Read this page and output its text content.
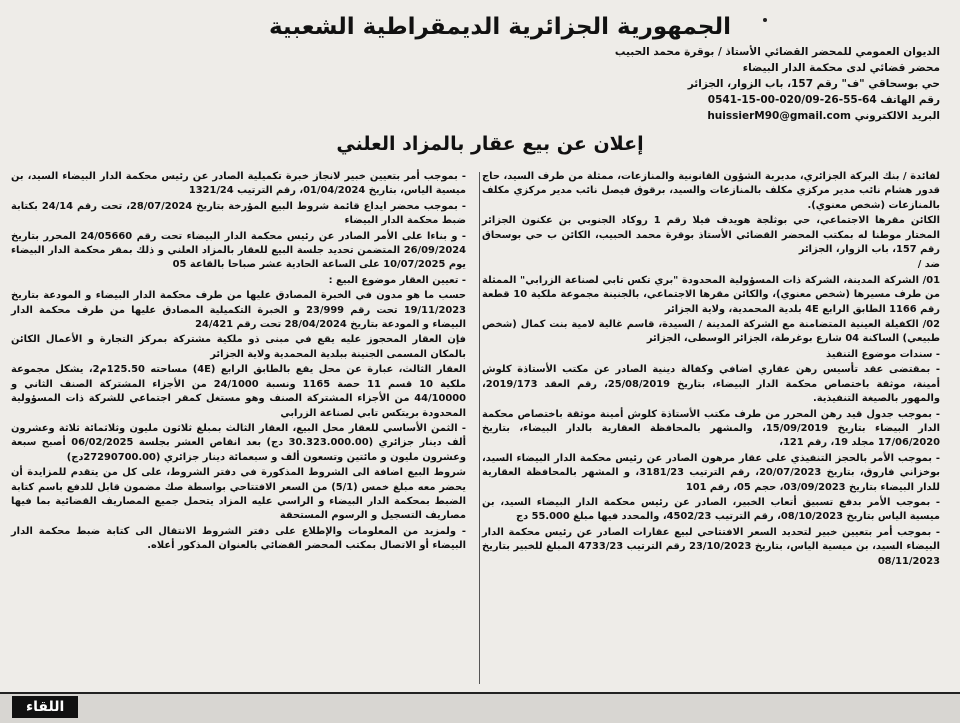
الجمهورية الجزائرية الديمقراطية الشعبية
الديوان العمومي للمحضر القضائي الأستاذ / بوقرة محمد الحبيب
محضر قضائي لدى محكمة الدار البيضاء
حي بوسحاقي "ف" رقم 157، باب الزوار، الجزائر
رقم الهاتف 64-55-26-020/09-00-15-0541
البريد الالكتروني huissierM90@gmail.com
إعلان عن بيع عقار بالمزاد العلني

لفائدة / بنك البركة الجزائري، مديرية الشؤون القانونية والمنازعات، ممثلة من طرف السيد، حاج قدور هشام نائب مدير مركزي مكلف بالمنازعات والسيد، برقوق فيصل نائب مدير مركزي مكلف بالمنازعات (شخص معنوي).

الكائن مقرها الاجتماعي، حي بوثلجة هويدف فيلا رقم 1 روكاد الجنوبي بن عكنون الجزائر المختار موطنا له بمكتب المحضر القضائي الأستاذ بوقرة محمد الحبيب، الكائن ب حي بوسحاق رقم 157، باب الزوار، الجزائر

ضد /

01/ الشركة المدينة، الشركة ذات المسؤولية المحدودة "بري تكس تابي لصناعة الزرابي" الممثلة من طرف مسيرها (شخص معنوي)، والكائن مقرها الاجتماعي، بالجنينة مجموعة ملكية 10 قطعة رقم 1166 الطابق الرابع 4E بلدية المحمدية، ولاية الجزائر

02/ الكفيلة العينية المتضامنة مع الشركة المدينة / السيدة، قاسم غالية لامية بنت كمال (شخص طبيعي) الساكنة 04 شارع بوغرطة، الجزائر الوسطى، الجزائر

- سندات موضوع التنفيذ

- بمقتضى عقد تأسيس رهن عقاري اضافي وكفالة دينية الصادر عن مكتب الأستاذة كلوش أمينة، موثقة باختصاص محكمة الدار البيضاء، بتاريخ 25/08/2019، رقم العقد 2019/173، والمهور بالصيغة التنفيذية.

- بموجب جدول قيد رهن المحرر من طرف مكتب الأستاذة كلوش أمينة موثقة باختصاص محكمة الدار البيضاء بتاريخ 15/09/2019، والمشهر بالمحافظة العقارية بالدار البيضاء، بتاريخ 17/06/2020 مجلد 19، رقم 121،

- بموجب الأمر بالحجز التنفيذي على عقار مرهون الصادر عن رئيس محكمة الدار البيضاء السيد، بوخزاني فاروق، بتاريخ 20/07/2023، رقم الترتيب 3181/23، و المشهر بالمحافظة العقارية للدار البيضاء بتاريخ 03/09/2023، حجم 05، رقم 101

- بموجب الأمر بدفع تسبيق أتعاب الخبير، الصادر عن رئيس محكمة الدار البيضاء السيد، بن ميسية الياس بتاريخ 08/10/2023، رقم الترتيب 4502/23، والمحدد فيها مبلغ 55.000 دج

- بموجب أمر بتعيين خبير لتحديد السعر الافتتاحي لبيع عقارات الصادر عن رئيس محكمة الدار البيضاء السيد، بن ميسية الياس، بتاريخ 23/10/2023 رقم الترتيب 4733/23 المبلغ للخبير بتاريخ 08/11/2023

- بموجب أمر بتعيين خبير لانجاز خبرة تكميلية الصادر عن رئيس محكمة الدار البيضاء السيد، بن ميسية الياس، بتاريخ 01/04/2024، رقم الترتيب 1321/24

- بموجب محضر ايداع قائمة شروط البيع المؤرخة بتاريخ 28/07/2024، تحت رقم 24/14 بكتابة ضبط محكمة الدار البيضاء

- و بناءا على الأمر الصادر عن رئيس محكمة الدار البيضاء تحت رقم 24/05660 المحرر بتاريخ 26/09/2024 المتضمن تحديد جلسة البيع للعقار بالمزاد العلني و ذلك بمقر محكمة الدار البيضاء يوم 10/07/2025 على الساعة الحادية عشر صباحا بالقاعة 05

- تعيين العقار موضوع البيع :

حسب ما هو مدون في الخبرة المصادق عليها من طرف محكمة الدار البيضاء و المودعة بتاريخ 19/11/2023 تحت رقم 23/999 و الخبرة التكميلية المصادق عليها من طرف محكمة الدار البيضاء و المودعة بتاريخ 28/04/2024 تحت رقم 24/421

فإن العقار المحجوز عليه يقع في مبنى ذو ملكية مشتركة بمركز التجارة و الأعمال الكائن بالمكان المسمى الجنينة ببلدية المحمدية ولاية الجزائر

العقار الثالث، عبارة عن محل يقع بالطابق الرابع (4E) مساحته 125.50م2، يشكل مجموعة ملكية 10 قسم 11 حصة 1165 ونسبة 24/1000 من الأجزاء المشتركة الصنف الثاني و 44/10000 من الأجزاء المشتركة الصنف وهو مستغل كمقر اجتماعي للشركة ذات المسؤولية المحدودة بريتكس تابي لصناعة الزرابي

- الثمن الأساسي للعقار محل البيع، العقار الثالث بمبلغ ثلاثون مليون وثلاثمائة ثلاثة وعشرون ألف دينار جزائري (30.323.000.00 دج) بعد انقاص العشر بجلسة 06/02/2025 أصبح سبعة وعشرون مليون و مائتين وتسعون ألف و سبعمائة دينار جزائري (27290700.00دج)

شروط البيع اضافة الى الشروط المذكورة في دفتر الشروط، على كل من يتقدم للمزايدة أن يحضر معه مبلغ خمس (5/1) من السعر الافتتاحي بواسطة صك مضمون قابل للدفع باسم كتابة الضبط بمحكمة الدار البيضاء و الراسي عليه المزاد يتحمل جميع المصاريف القضائية بما فيها مصاريف التسجيل و الرسوم المستحقة

- ولمزيد من المعلومات والإطلاع على دفتر الشروط الانتقال الى كتابة ضبط محكمة الدار البيضاء أو الاتصال بمكتب المحضر القضائي بالعنوان المذكور أعلاه.

اللقاء
